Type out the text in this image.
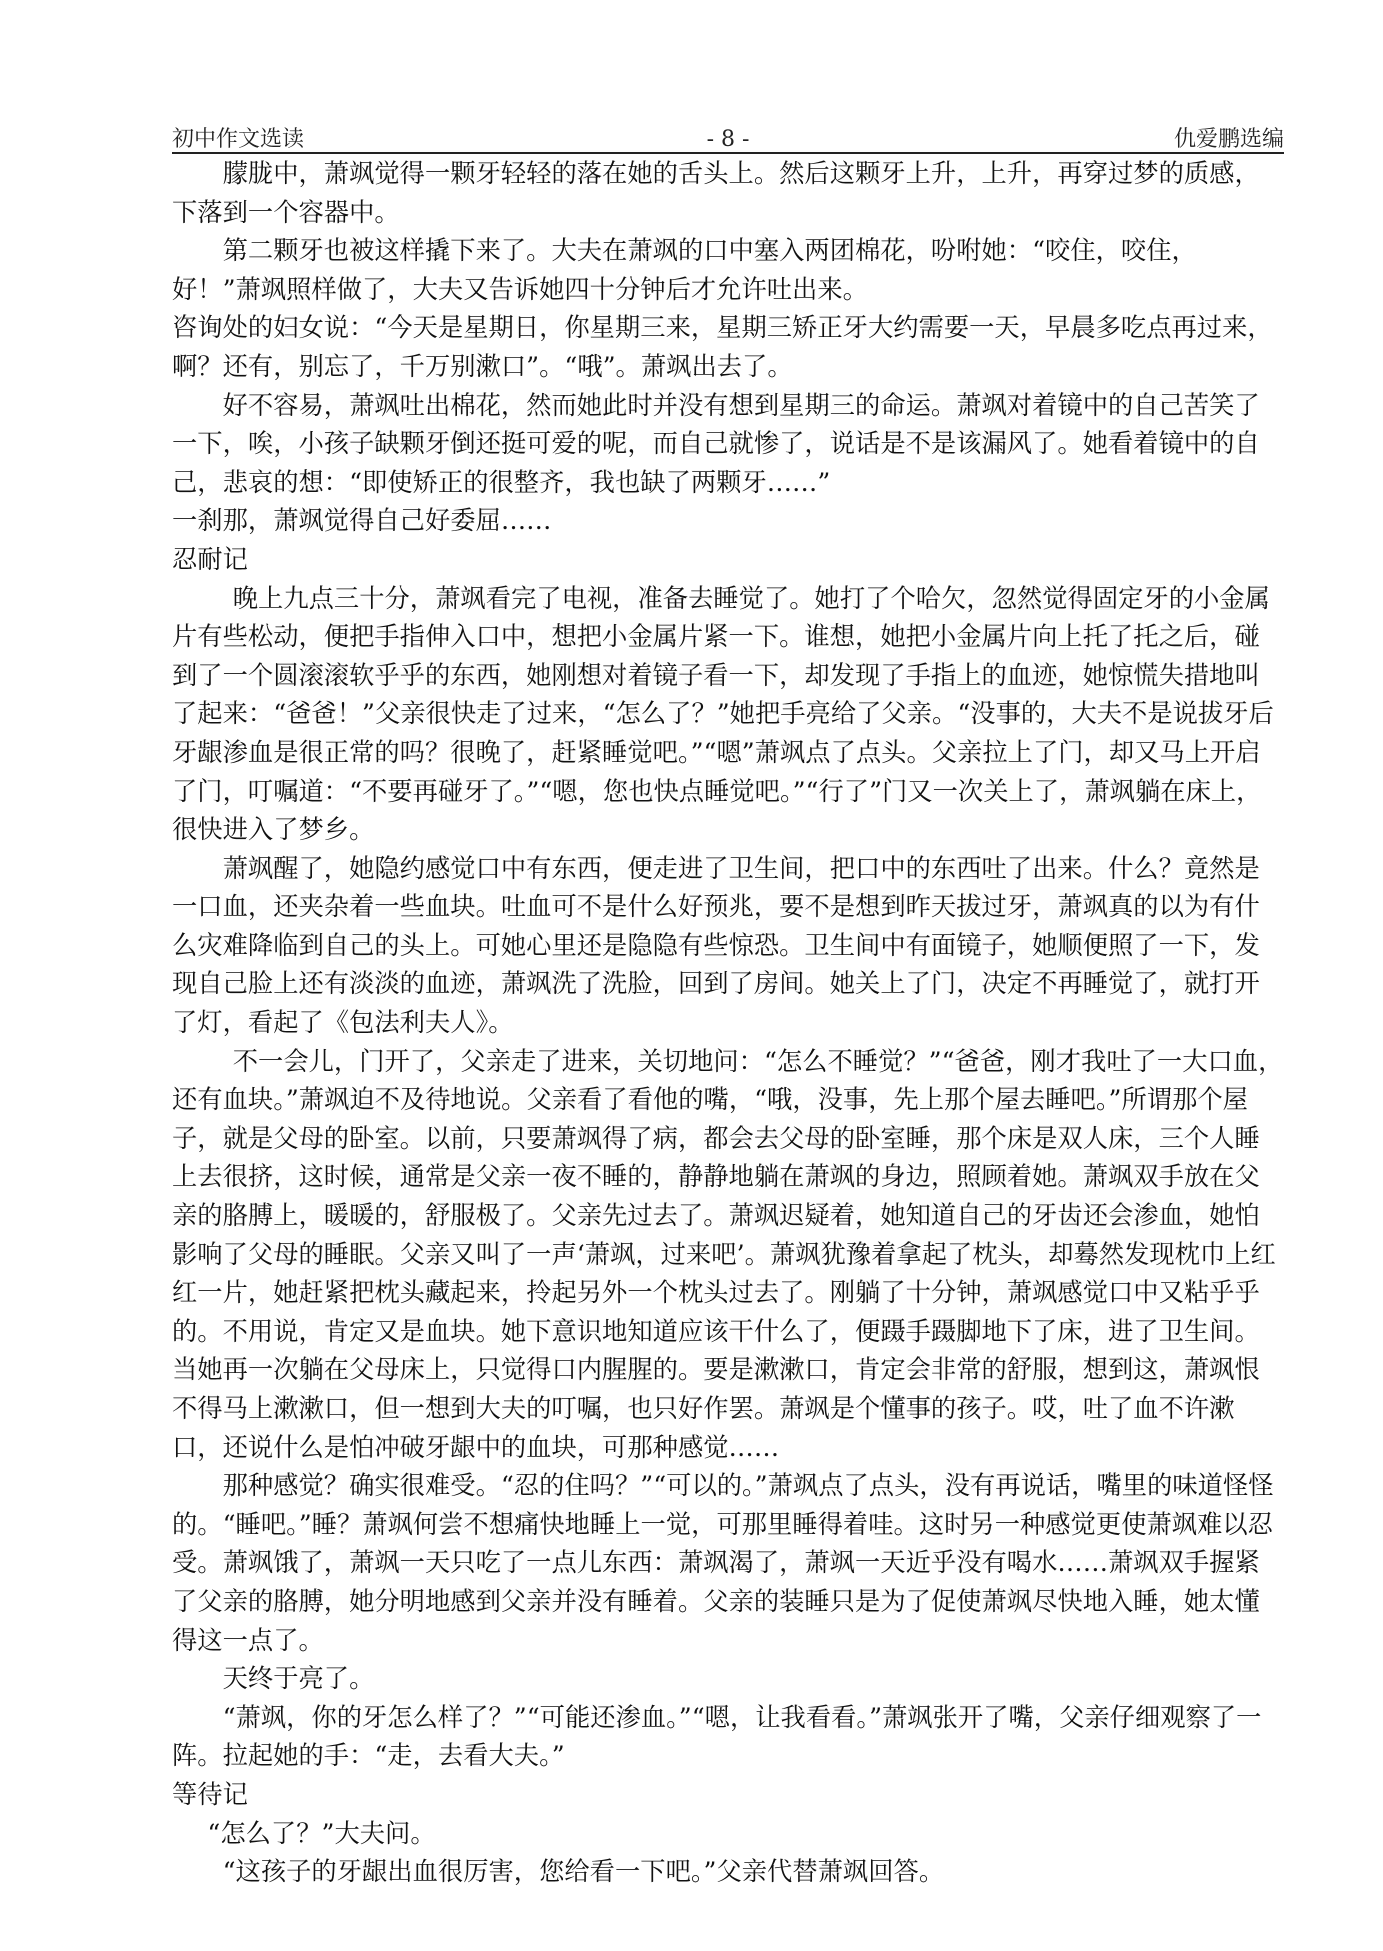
初中作文选读	- 8 -	仇爱鹏选编

朦胧中，萧飒觉得一颗牙轻轻的落在她的舌头上。然后这颗牙上升，上升，再穿过梦的质感，下落到一个容器中。

第二颗牙也被这样撬下来了。大夫在萧飒的口中塞入两团棉花，吩咐她：“咬住，咬住，好！”萧飒照样做了，大夫又告诉她四十分钟后才允许吐出来。

咨询处的妇女说：“今天是星期日，你星期三来，星期三矫正牙大约需要一天，早晨多吃点再过来，啊？还有，别忘了，千万别漱口”。“哦”。萧飒出去了。

好不容易，萧飒吐出棉花，然而她此时并没有想到星期三的命运。萧飒对着镜中的自己苦笑了一下，唉，小孩子缺颗牙倒还挺可爱的呢，而自己就惨了，说话是不是该漏风了。她看着镜中的自己，悲哀的想：“即使矫正的很整齐，我也缺了两颗牙……”

一刹那，萧飒觉得自己好委屈……

忍耐记

晚上九点三十分，萧飒看完了电视，准备去睡觉了。她打了个哈欠，忽然觉得固定牙的小金属片有些松动，便把手指伸入口中，想把小金属片紧一下。谁想，她把小金属片向上托了托之后，碰到了一个圆滚滚软乎乎的东西，她刚想对着镜子看一下，却发现了手指上的血迹，她惊慌失措地叫了起来：“爸爸！”父亲很快走了过来，“怎么了？”她把手亮给了父亲。“没事的，大夫不是说拔牙后牙龈渗血是很正常的吗？很晚了，赶紧睡觉吧。”“嗯”萧飒点了点头。父亲拉上了门，却又马上开启了门，叮嘱道：“不要再碰牙了。”“嗯，您也快点睡觉吧。”“行了”门又一次关上了，萧飒躺在床上，很快进入了梦乡。

萧飒醒了，她隐约感觉口中有东西，便走进了卫生间，把口中的东西吐了出来。什么？竟然是一口血，还夹杂着一些血块。吐血可不是什么好预兆，要不是想到昨天拔过牙，萧飒真的以为有什么灾难降临到自己的头上。可她心里还是隐隐有些惊恐。卫生间中有面镜子，她顺便照了一下，发现自己脸上还有淡淡的血迹，萧飒洗了洗脸，回到了房间。她关上了门，决定不再睡觉了，就打开了灯，看起了《包法利夫人》。

不一会儿，门开了，父亲走了进来，关切地问：“怎么不睡觉？”“爸爸，刚才我吐了一大口血，还有血块。”萧飒迫不及待地说。父亲看了看他的嘴，“哦，没事，先上那个屋去睡吧。”所谓那个屋子，就是父母的卧室。以前，只要萧飒得了病，都会去父母的卧室睡，那个床是双人床，三个人睡上去很挤，这时候，通常是父亲一夜不睡的，静静地躺在萧飒的身边，照顾着她。萧飒双手放在父亲的胳膊上，暖暖的，舒服极了。父亲先过去了。萧飒迟疑着，她知道自己的牙齿还会渗血，她怕影响了父母的睡眠。父亲又叫了一声‘萧飒，过来吧’。萧飒犹豫着拿起了枕头，却蓦然发现枕巾上红红一片，她赶紧把枕头藏起来，拎起另外一个枕头过去了。刚躺了十分钟，萧飒感觉口中又粘乎乎的。不用说，肯定又是血块。她下意识地知道应该干什么了，便蹑手蹑脚地下了床，进了卫生间。当她再一次躺在父母床上，只觉得口内腥腥的。要是漱漱口，肯定会非常的舒服，想到这，萧飒恨不得马上漱漱口，但一想到大夫的叮嘱，也只好作罢。萧飒是个懂事的孩子。哎，吐了血不许漱口，还说什么是怕冲破牙龈中的血块，可那种感觉……

那种感觉？确实很难受。“忍的住吗？”“可以的。”萧飒点了点头，没有再说话，嘴里的味道怪怪的。“睡吧。”睡？萧飒何尝不想痛快地睡上一觉，可那里睡得着哇。这时另一种感觉更使萧飒难以忍受。萧飒饿了，萧飒一天只吃了一点儿东西：萧飒渴了，萧飒一天近乎没有喝水……萧飒双手握紧了父亲的胳膊，她分明地感到父亲并没有睡着。父亲的装睡只是为了促使萧飒尽快地入睡，她太懂得这一点了。

天终于亮了。

“萧飒，你的牙怎么样了？”“可能还渗血。”“嗯，让我看看。”萧飒张开了嘴，父亲仔细观察了一阵。拉起她的手：“走，去看大夫。”

等待记

“怎么了？”大夫问。

“这孩子的牙龈出血很厉害，您给看一下吧。”父亲代替萧飒回答。
